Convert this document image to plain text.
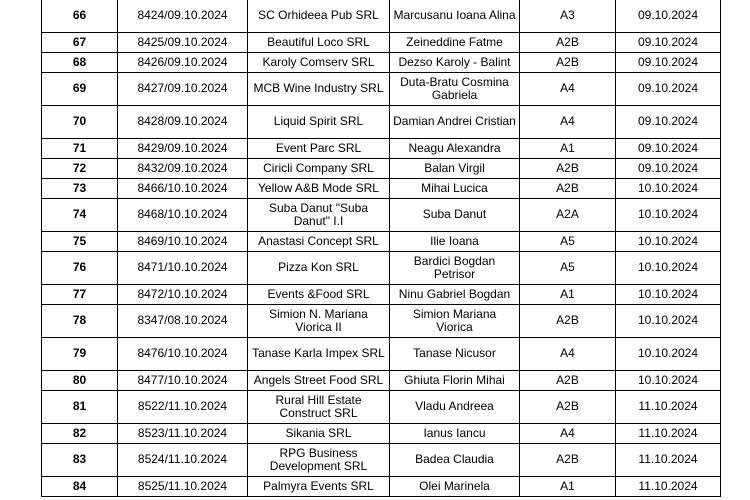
66	8424/09.10.2024	SC Orhideea Pub SRL	Marcusanu Ioana Alina	A3	09.10.2024
67	8425/09.10.2024	Beautiful Loco SRL	Zeineddine Fatme	A2B	09.10.2024
68	8426/09.10.2024	Karoly Comserv SRL	Dezso Karoly - Balint	A2B	09.10.2024
69	8427/09.10.2024	MCB Wine Industry SRL	Duta-Bratu Cosmina Gabriela	A4	09.10.2024
70	8428/09.10.2024	Liquid Spirit SRL	Damian Andrei Cristian	A4	09.10.2024
71	8429/09.10.2024	Event Parc SRL	Neagu Alexandra	A1	09.10.2024
72	8432/09.10.2024	Ciricli Company SRL	Balan Virgil	A2B	09.10.2024
73	8466/10.10.2024	Yellow A&B Mode SRL	Mihai Lucica	A2B	10.10.2024
74	8468/10.10.2024	Suba Danut "Suba Danut" I.I	Suba Danut	A2A	10.10.2024
75	8469/10.10.2024	Anastasi Concept SRL	Ilie Ioana	A5	10.10.2024
76	8471/10.10.2024	Pizza Kon SRL	Bardici Bogdan Petrisor	A5	10.10.2024
77	8472/10.10.2024	Events &Food SRL	Ninu Gabriel Bogdan	A1	10.10.2024
78	8347/08.10.2024	Simion N. Mariana Viorica II	Simion Mariana Viorica	A2B	10.10.2024
79	8476/10.10.2024	Tanase Karla Impex SRL	Tanase Nicusor	A4	10.10.2024
80	8477/10.10.2024	Angels Street Food SRL	Ghiuta Florin Mihai	A2B	10.10.2024
81	8522/11.10.2024	Rural Hill Estate Construct SRL	Vladu Andreea	A2B	11.10.2024
82	8523/11.10.2024	Sikania SRL	Ianus Iancu	A4	11.10.2024
83	8524/11.10.2024	RPG Business Development SRL	Badea Claudia	A2B	11.10.2024
84	8525/11.10.2024	Palmyra Events SRL	Olei Marinela	A1	11.10.2024
